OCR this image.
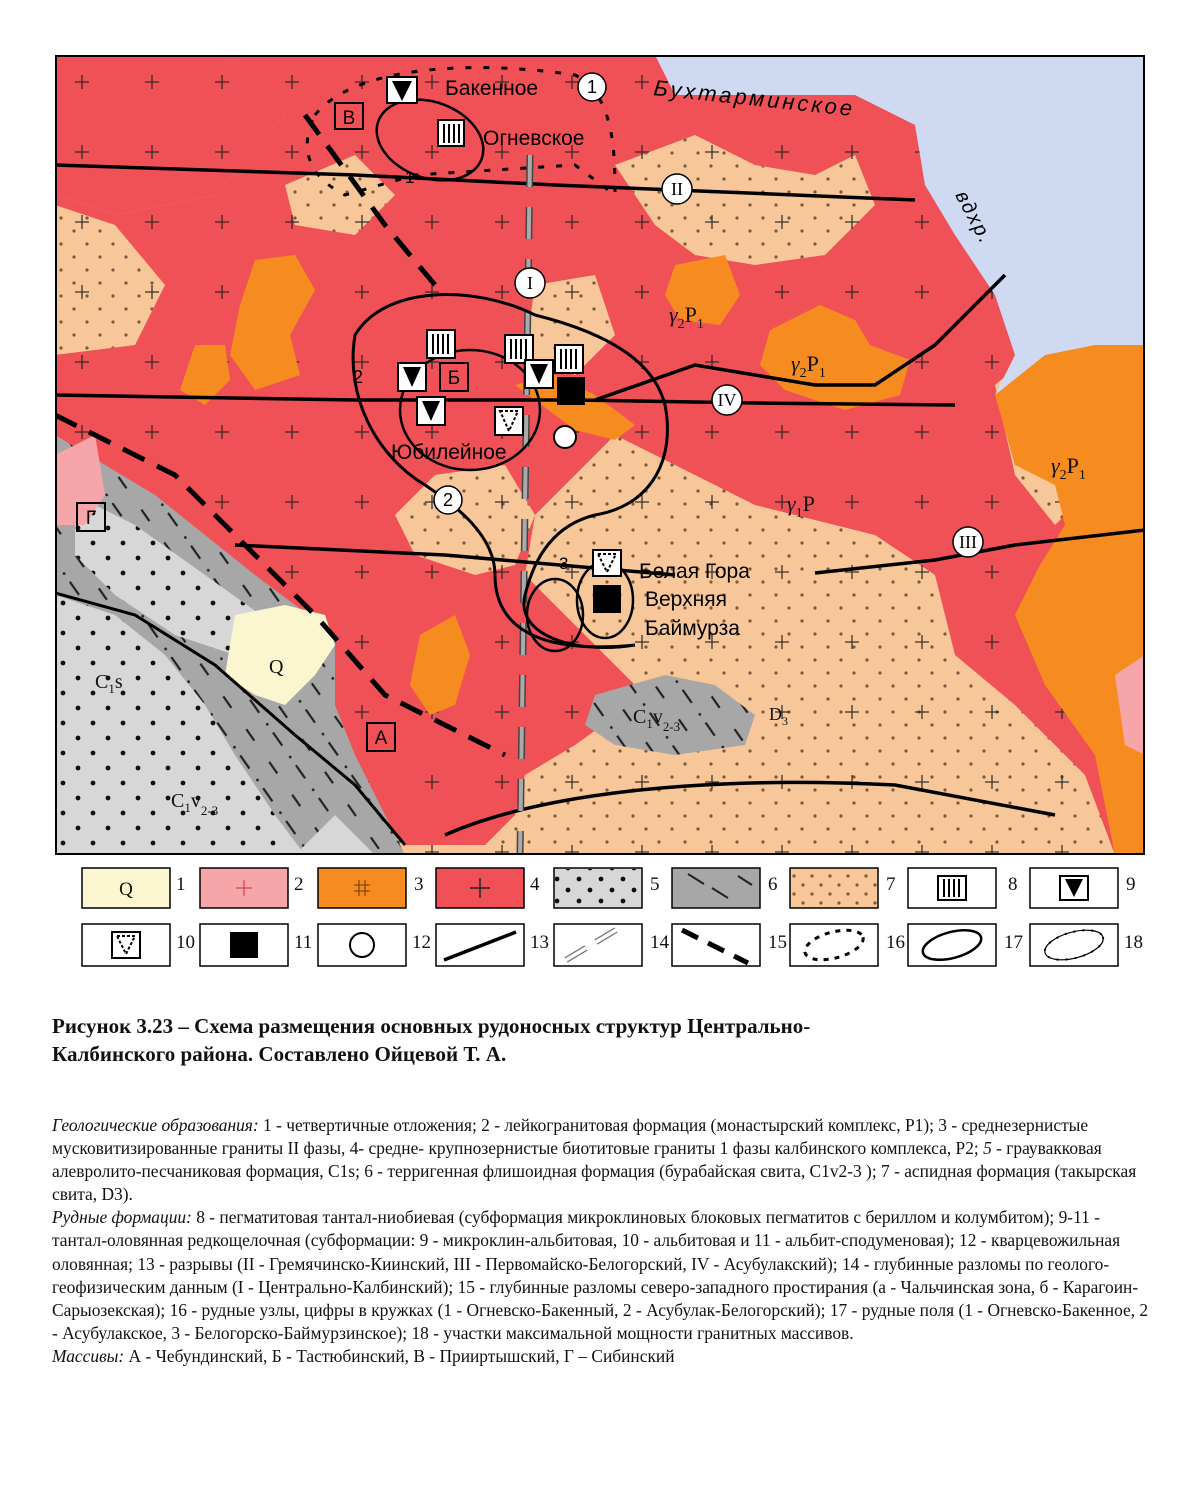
В
Б
А
Г
I
II
III
IV
1
2
1
2
3
Бакенное
Огневское
Юбилейное
Белая Гора
Верхняя
Баймурза
Бухтарминское
вдхр.
$\gamma_2P_1$
$\gamma_2P_1$
$\gamma_2P_1$
$\gamma_1P$
Q
$C_1s$
$C_1v_{2-3}$
$C_1v_{2-3}$
$D_3$
Q 1	2	3	4	5	6	7	8	9
10	11	12	13	14	15	16	17	18
Рисунок 3.23 – Схема размещения основных рудоносных структур Центрально-
Калбинского района. Составлено Ойцевой Т. А.

Геологические образования: 1 - четвертичные отложения; 2 - лейкогранитовая формация (монастырский комплекс, P1); 3 - среднезернистые мусковитизированные граниты II фазы, 4- средне- крупнозернистые биотитовые граниты 1 фазы калбинского комплекса, P2; 5 - граувакковая алевролито-песчаниковая формация, C1s; 6 - терригенная флишоидная формация (бурабайская свита, C1v2-3 ); 7 - аспидная формация (такырская свита, D3).

Рудные формации: 8 - пегматитовая тантал-ниобиевая (субформация микроклиновых блоковых пегматитов с бериллом и колумбитом); 9-11 - тантал-оловянная редкощелочная (субформации: 9 - микроклин-альбитовая, 10 - альбитовая и 11 - альбит-сподуменовая); 12 - кварцевожильная оловянная; 13 - разрывы (II - Гремячинско-Киинский, III - Первомайско-Белогорский, IV - Асубулакский); 14 - глубинные разломы по геолого-геофизическим данным (I - Центрально-Калбинский); 15 - глубинные разломы северо-западного простирания (а - Чальчинская зона, б - Карагоин-Сарыозекская); 16 - рудные узлы, цифры в кружках (1 - Огневско-Бакенный, 2 - Асубулак-Белогорский); 17 - рудные поля (1 - Огневско-Бакенное, 2 - Асубулакское, 3 - Белогорско-Баймурзинское); 18 - участки максимальной мощности гранитных массивов.

Массивы: А - Чебундинский, Б - Тастюбинский, В - Прииртышский, Г – Сибинский
